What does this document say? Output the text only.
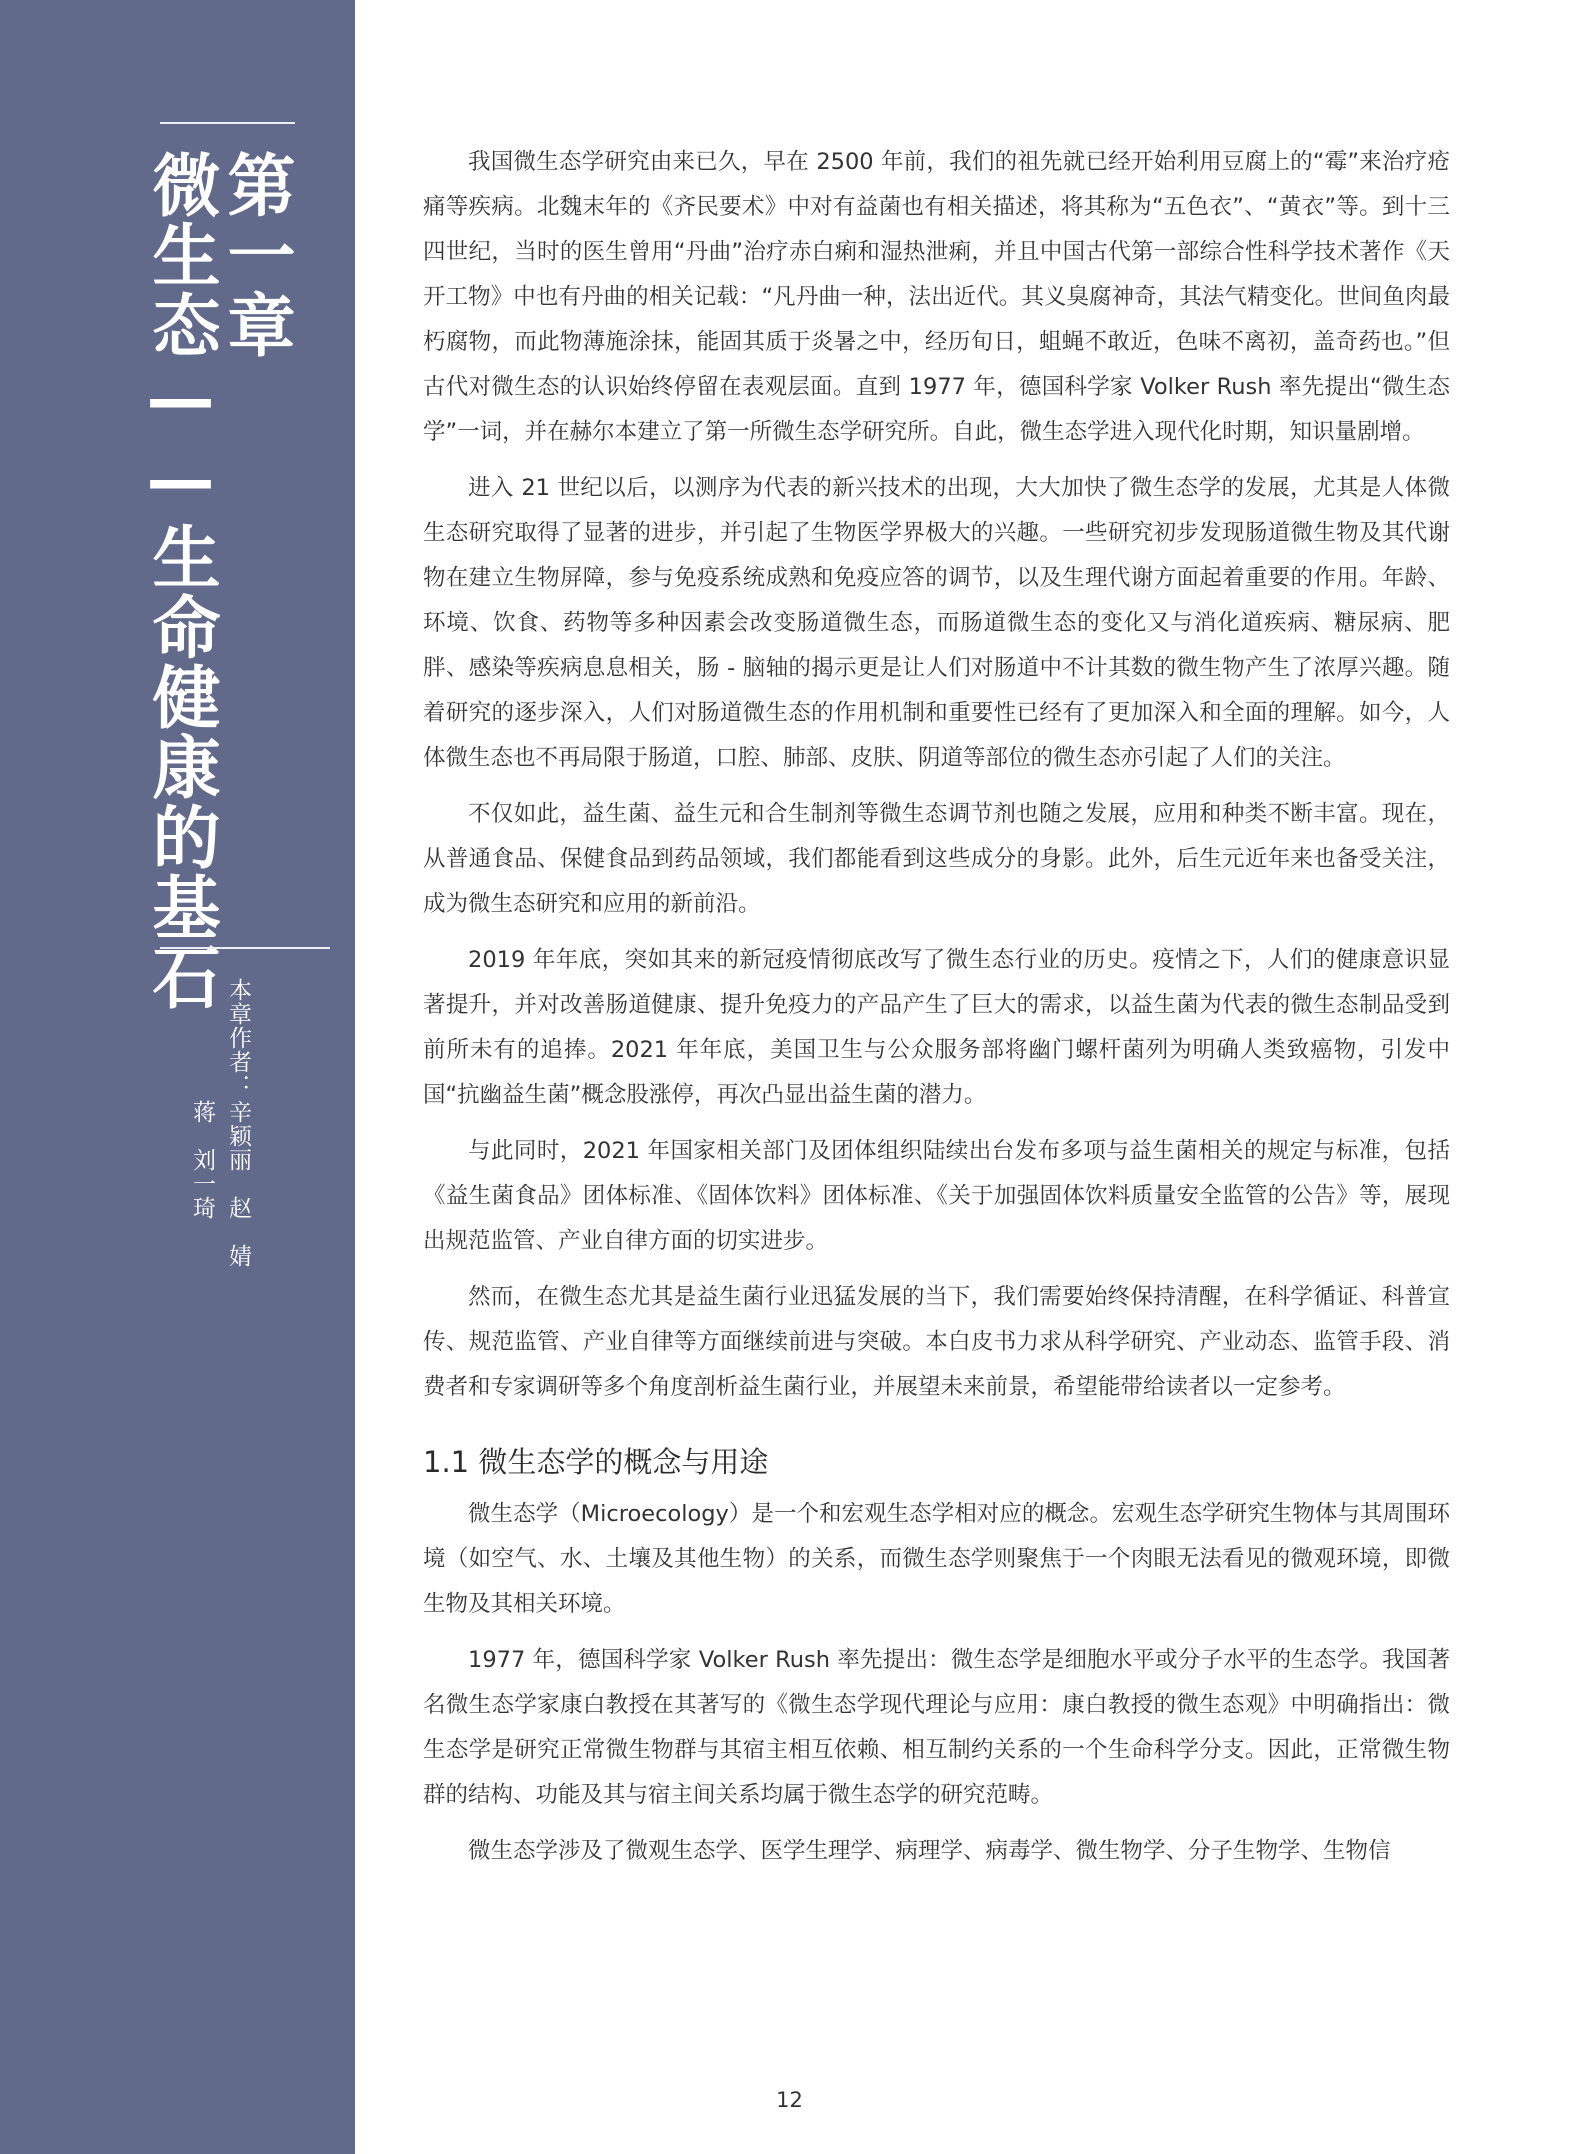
第一章
微生态——生命健康的基石
本章作者：
辛颖丽　赵　婧
蒋　刘一琦

我国微生态学研究由来已久，早在 2500 年前，我们的祖先就已经开始利用豆腐上的“霉”来治疗疮痛等疾病。北魏末年的《齐民要术》中对有益菌也有相关描述，将其称为“五色衣”、“黄衣”等。到十三四世纪，当时的医生曾用“丹曲”治疗赤白痢和湿热泄痢，并且中国古代第一部综合性科学技术著作《天开工物》中也有丹曲的相关记载：“凡丹曲一种，法出近代。其义臭腐神奇，其法气精变化。世间鱼肉最朽腐物，而此物薄施涂抹，能固其质于炎暑之中，经历旬日，蛆蝇不敢近，色味不离初，盖奇药也。”但古代对微生态的认识始终停留在表观层面。直到 1977 年，德国科学家 Volker Rush 率先提出“微生态学”一词，并在赫尔本建立了第一所微生态学研究所。自此，微生态学进入现代化时期，知识量剧增。

进入 21 世纪以后，以测序为代表的新兴技术的出现，大大加快了微生态学的发展，尤其是人体微生态研究取得了显著的进步，并引起了生物医学界极大的兴趣。一些研究初步发现肠道微生物及其代谢物在建立生物屏障，参与免疫系统成熟和免疫应答的调节，以及生理代谢方面起着重要的作用。年龄、环境、饮食、药物等多种因素会改变肠道微生态，而肠道微生态的变化又与消化道疾病、糖尿病、肥胖、感染等疾病息息相关，肠 - 脑轴的揭示更是让人们对肠道中不计其数的微生物产生了浓厚兴趣。随着研究的逐步深入，人们对肠道微生态的作用机制和重要性已经有了更加深入和全面的理解。如今，人体微生态也不再局限于肠道，口腔、肺部、皮肤、阴道等部位的微生态亦引起了人们的关注。

不仅如此，益生菌、益生元和合生制剂等微生态调节剂也随之发展，应用和种类不断丰富。现在，从普通食品、保健食品到药品领域，我们都能看到这些成分的身影。此外，后生元近年来也备受关注，成为微生态研究和应用的新前沿。

2019 年年底，突如其来的新冠疫情彻底改写了微生态行业的历史。疫情之下，人们的健康意识显著提升，并对改善肠道健康、提升免疫力的产品产生了巨大的需求，以益生菌为代表的微生态制品受到前所未有的追捧。2021 年年底，美国卫生与公众服务部将幽门螺杆菌列为明确人类致癌物，引发中国“抗幽益生菌”概念股涨停，再次凸显出益生菌的潜力。

与此同时，2021 年国家相关部门及团体组织陆续出台发布多项与益生菌相关的规定与标准，包括《益生菌食品》团体标准、《固体饮料》团体标准、《关于加强固体饮料质量安全监管的公告》等，展现出规范监管、产业自律方面的切实进步。

然而，在微生态尤其是益生菌行业迅猛发展的当下，我们需要始终保持清醒，在科学循证、科普宣传、规范监管、产业自律等方面继续前进与突破。本白皮书力求从科学研究、产业动态、监管手段、消费者和专家调研等多个角度剖析益生菌行业，并展望未来前景，希望能带给读者以一定参考。

1.1 微生态学的概念与用途

微生态学（Microecology）是一个和宏观生态学相对应的概念。宏观生态学研究生物体与其周围环境（如空气、水、土壤及其他生物）的关系，而微生态学则聚焦于一个肉眼无法看见的微观环境，即微生物及其相关环境。

1977 年，德国科学家 Volker Rush 率先提出：微生态学是细胞水平或分子水平的生态学。我国著名微生态学家康白教授在其著写的《微生态学现代理论与应用：康白教授的微生态观》中明确指出：微生态学是研究正常微生物群与其宿主相互依赖、相互制约关系的一个生命科学分支。因此，正常微生物群的结构、功能及其与宿主间关系均属于微生态学的研究范畴。

微生态学涉及了微观生态学、医学生理学、病理学、病毒学、微生物学、分子生物学、生物信

12
